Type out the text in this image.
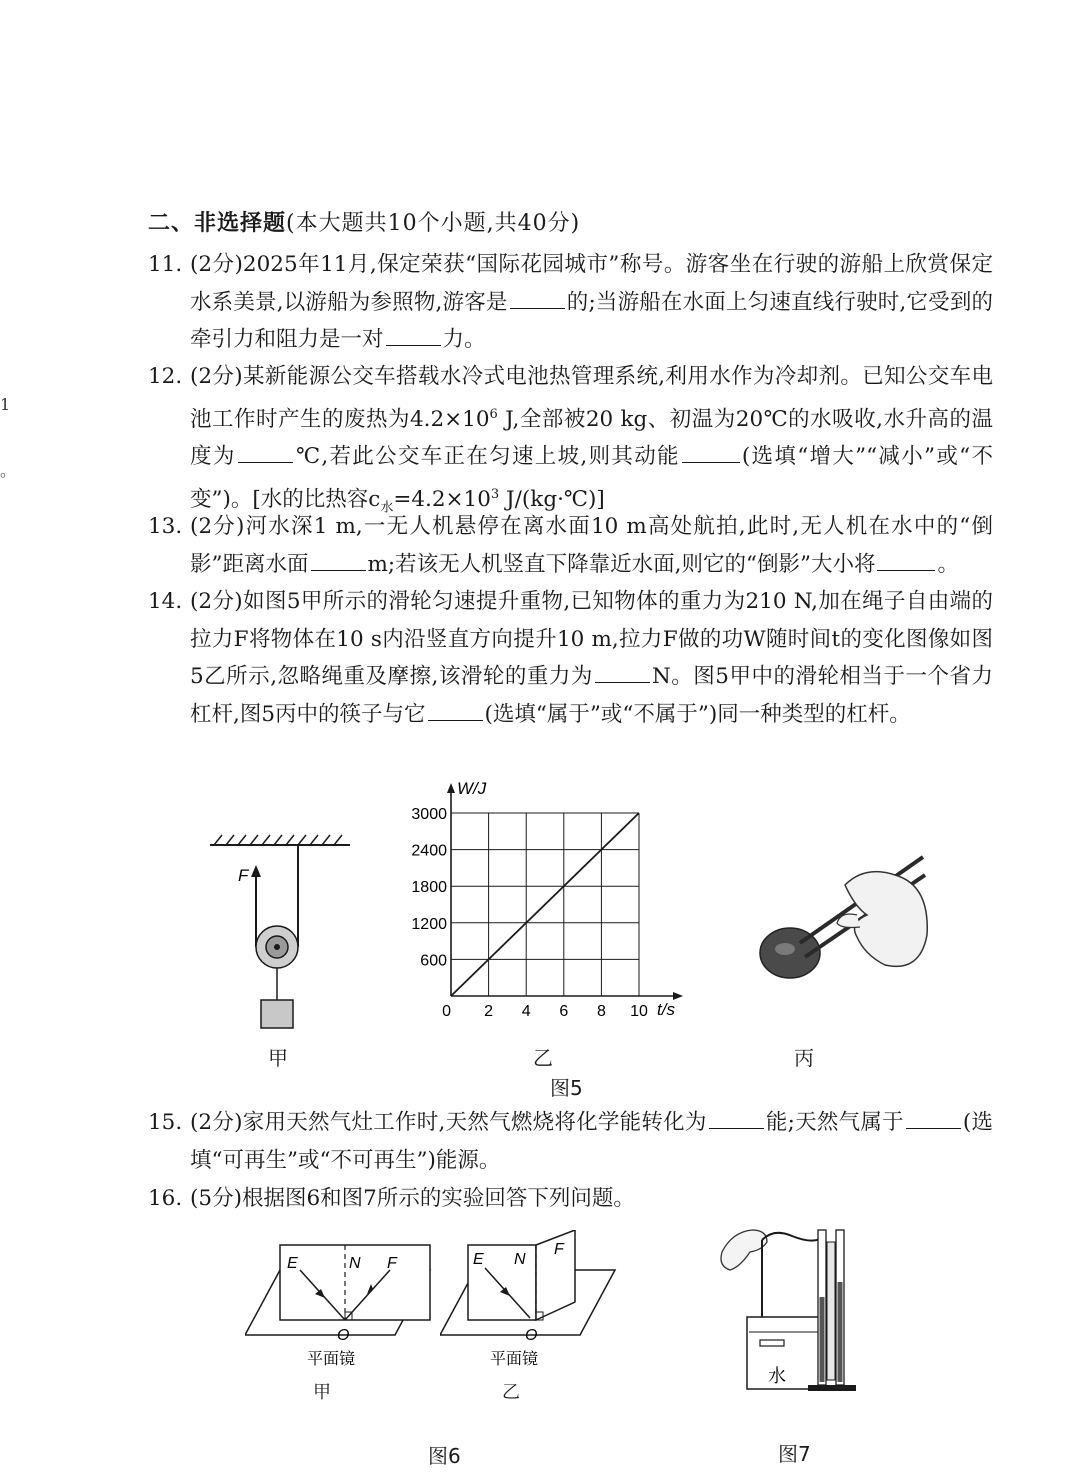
1
。
二、非选择题(本大题共10个小题,共40分)
11. (2分)2025年11月,保定荣获“国际花园城市”称号。游客坐在行驶的游船上欣赏保定水系美景,以游船为参照物,游客是	的;当游船在水面上匀速直线行驶时,它受到的牵引力和阻力是一对	力。
12. (2分)某新能源公交车搭载水冷式电池热管理系统,利用水作为冷却剂。已知公交车电池工作时产生的废热为$4.2\times 10^6$ J,全部被20 kg、初温为20℃的水吸收,水升高的温度为	℃,若此公交车正在匀速上坡,则其动能	(选填“增大”“减小”或“不变”)。[水的比热容$c_水=4.2\times 10^3$ J/(kg·℃)]
13. (2分)河水深1 m,一无人机悬停在离水面10 m高处航拍,此时,无人机在水中的“倒影”距离水面	m;若该无人机竖直下降靠近水面,则它的“倒影”大小将	。
14. (2分)如图5甲所示的滑轮匀速提升重物,已知物体的重力为210 N,加在绳子自由端的拉力F将物体在10 s内沿竖直方向提升10 m,拉力F做的功W随时间t的变化图像如图5乙所示,忽略绳重及摩擦,该滑轮的重力为	N。图5甲中的滑轮相当于一个省力杠杆,图5丙中的筷子与它	(选填“属于”或“不属于”)同一种类型的杠杆。
F
甲
0 2 4 6 8 10
600
1200
1800
2400
3000
W/J
t/s
乙	丙
图5
15. (2分)家用天然气灶工作时,天然气燃烧将化学能转化为	能;天然气属于	(选填“可再生”或“不可再生”)能源。
16. (5分)根据图6和图7所示的实验回答下列问题。
E	N F
O
平面镜
甲
E N
F
O
平面镜
乙
图6
水
图7
